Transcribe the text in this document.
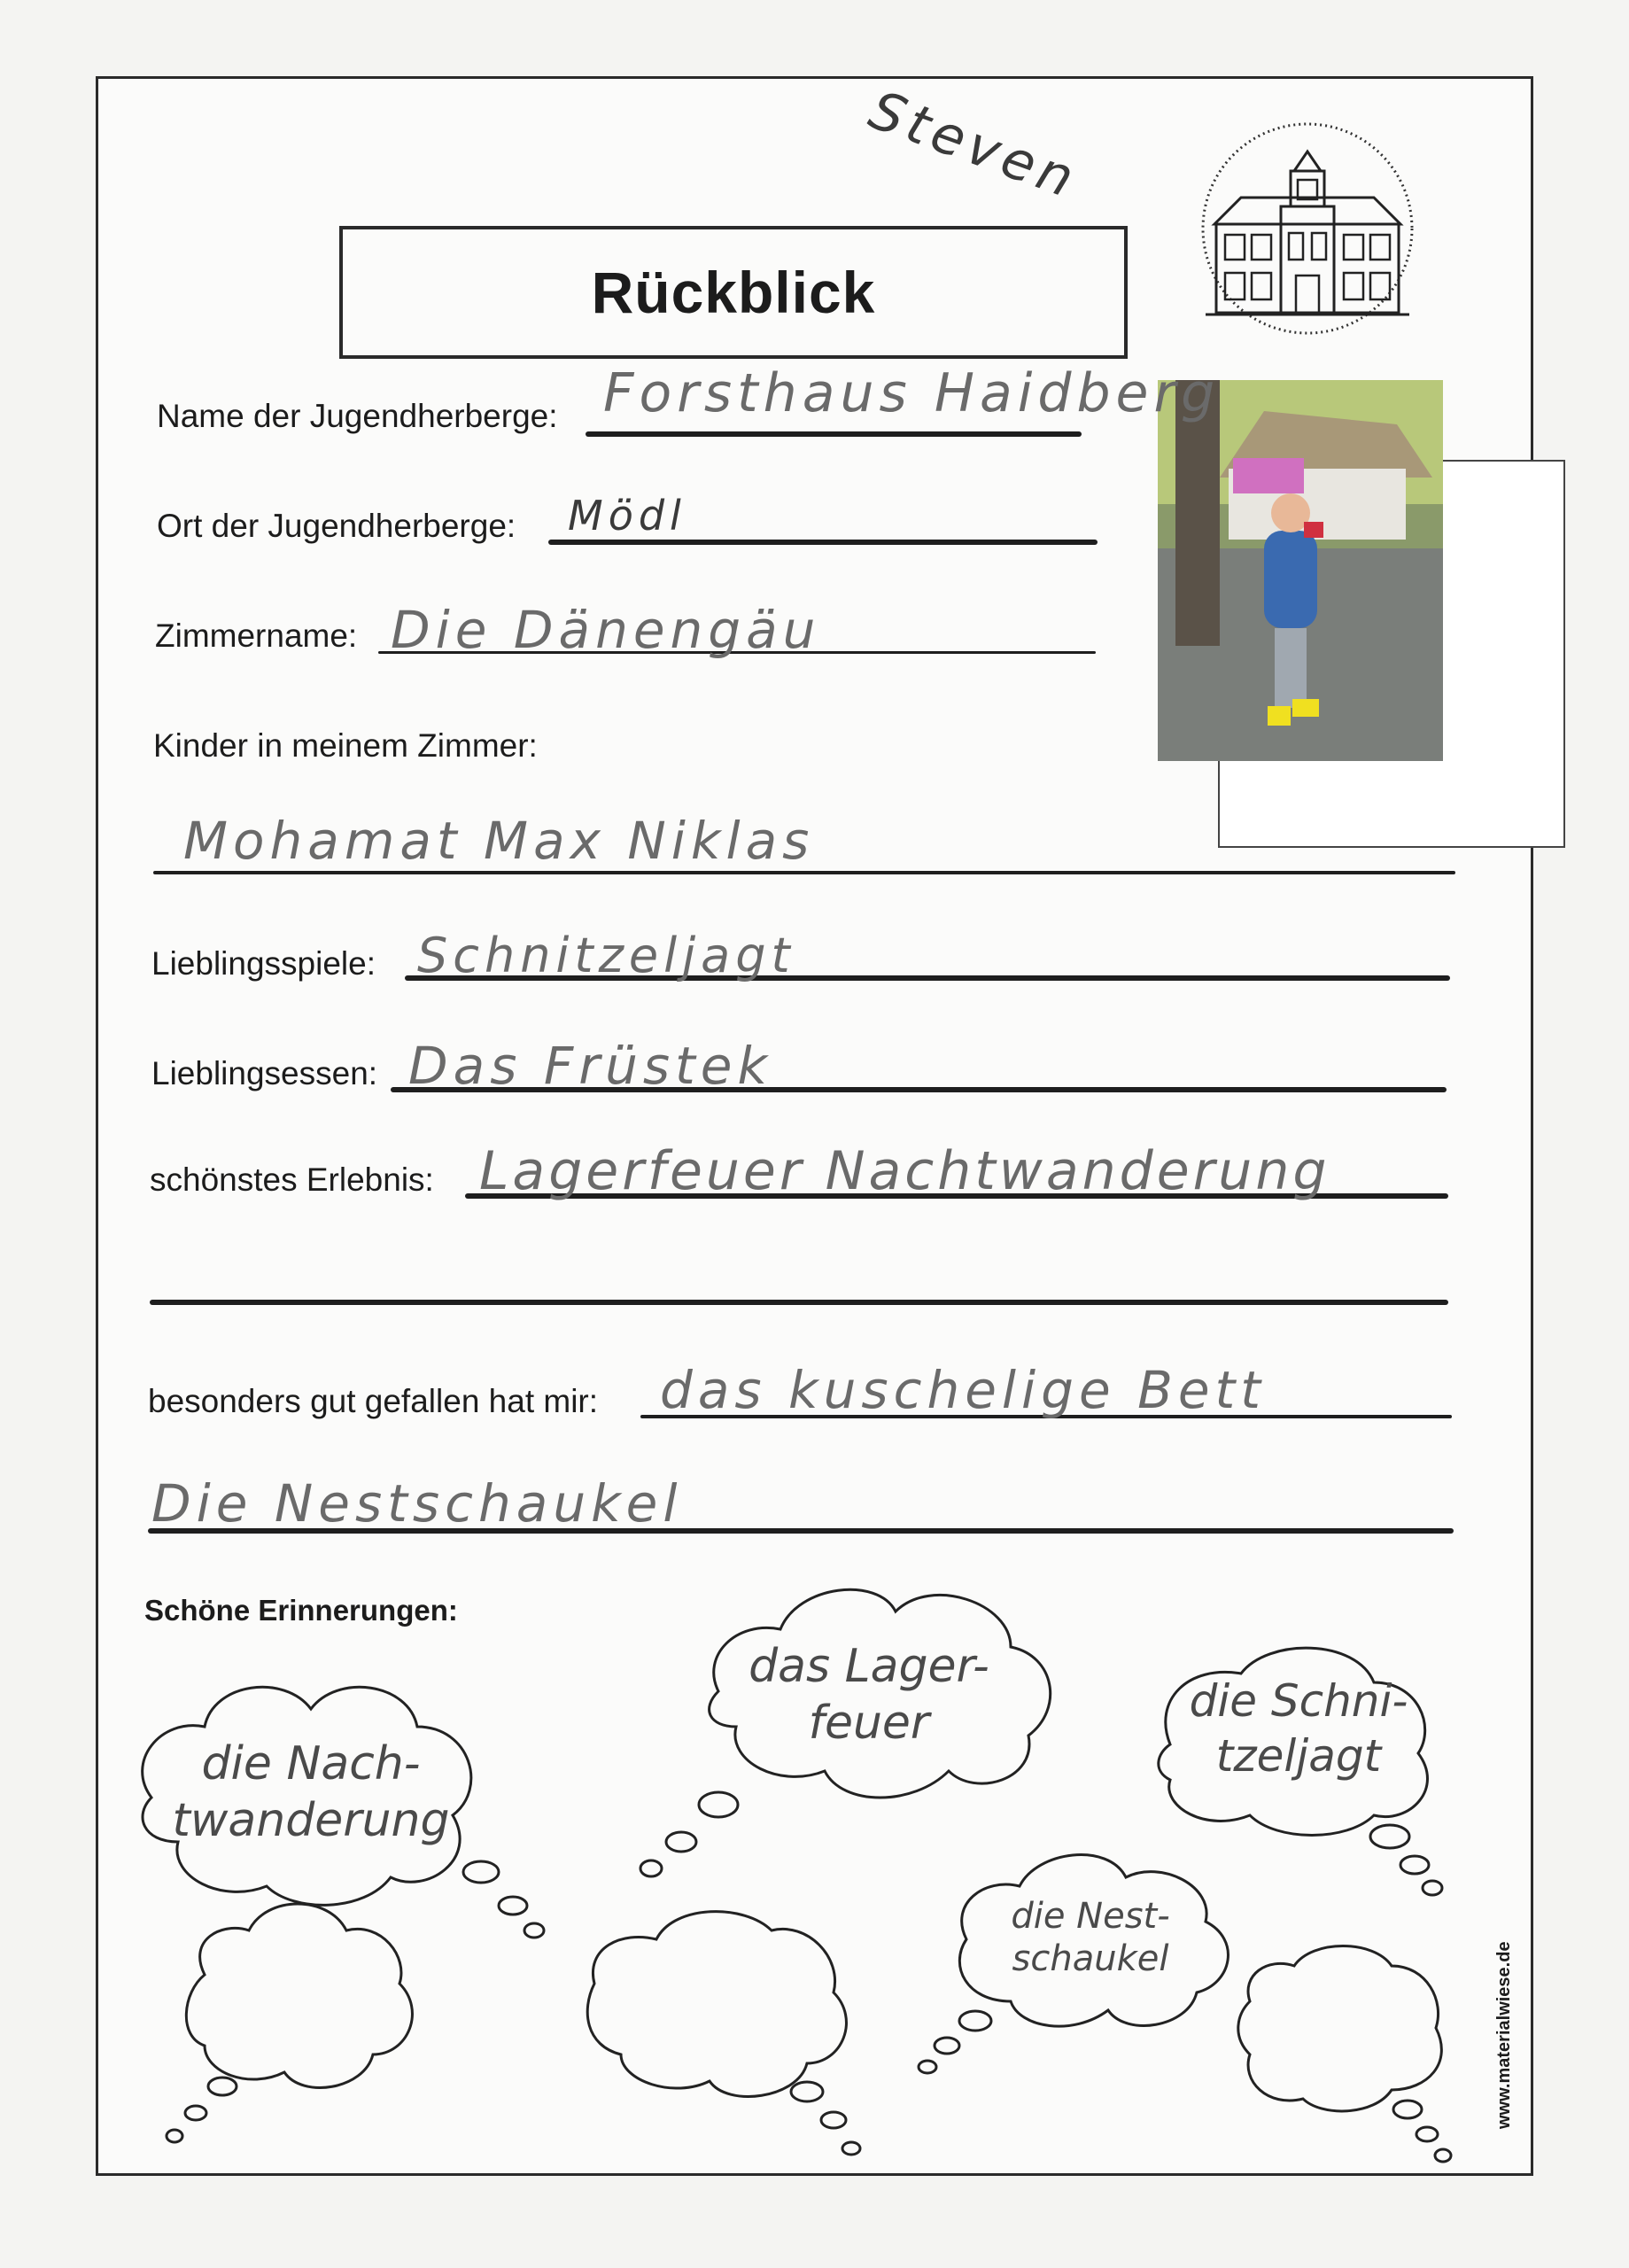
Rückblick
Steven
Name der Jugendherberge: Forsthaus Haidberg
Ort der Jugendherberge: Mödl
Zimmername: Die Dänengäu
Kinder in meinem Zimmer:
Mohamat Max Niklas
Lieblingsspiele: Schnitzeljagt
Lieblingsessen: Das Früstek
schönstes Erlebnis: Lagerfeuer Nachtwanderung
besonders gut gefallen hat mir: das kuschelige Bett
Die Nestschaukel
Schöne Erinnerungen:
die Nach- twanderung
das Lager- feuer	die Schni- tzeljagt
die Nest- schaukel	www.materialwiese.de
